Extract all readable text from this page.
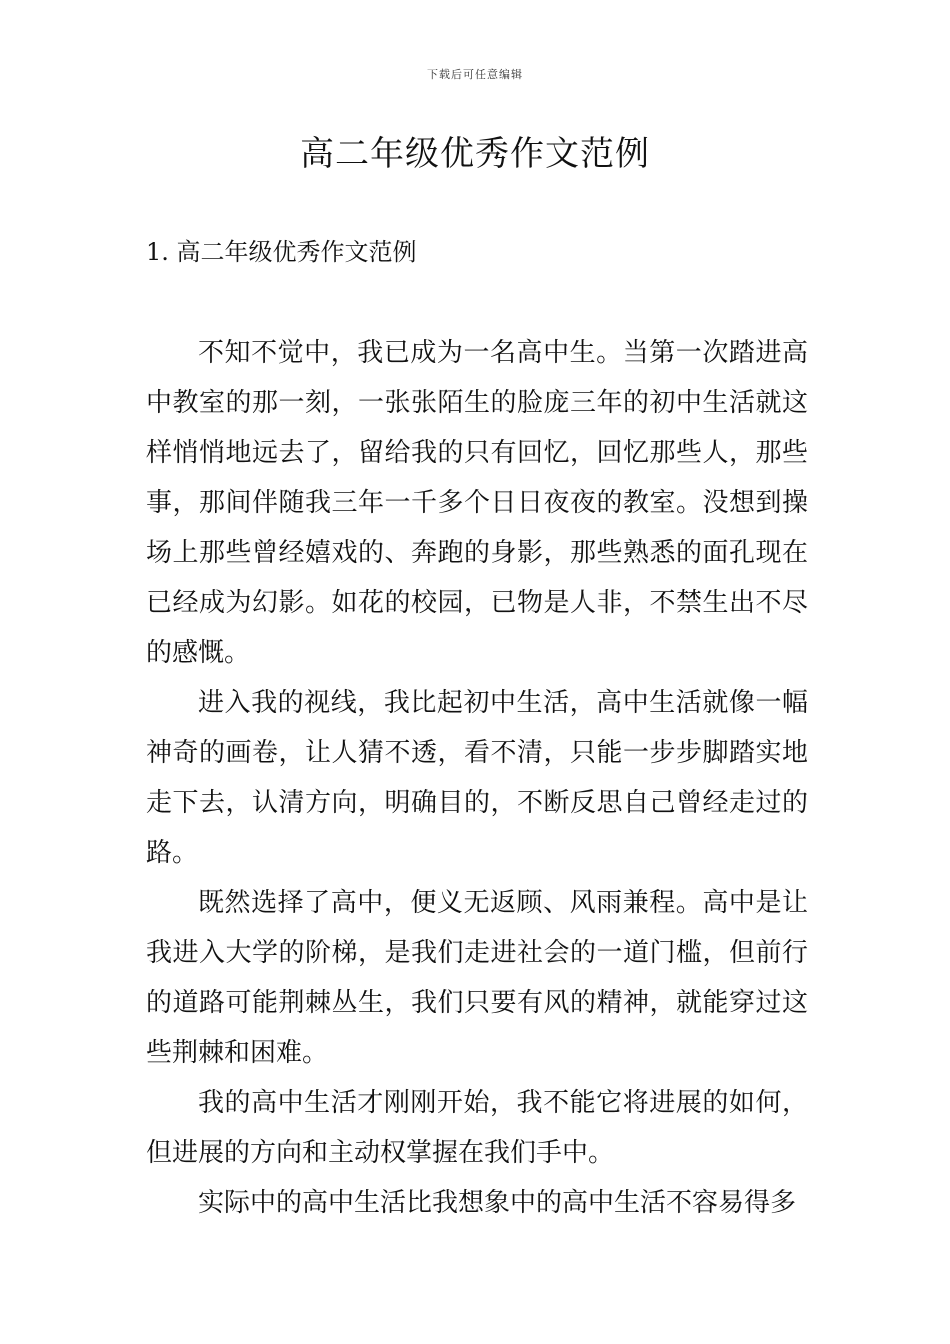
下载后可任意编辑
高二年级优秀作文范例
1. 高二年级优秀作文范例

不知不觉中，我已成为一名高中生。当第一次踏进高中教室的那一刻，一张张陌生的脸庞三年的初中生活就这样悄悄地远去了，留给我的只有回忆，回忆那些人，那些事，那间伴随我三年一千多个日日夜夜的教室。没想到操场上那些曾经嬉戏的、奔跑的身影，那些熟悉的面孔现在已经成为幻影。如花的校园，已物是人非，不禁生出不尽的感慨。

进入我的视线，我比起初中生活，高中生活就像一幅神奇的画卷，让人猜不透，看不清，只能一步步脚踏实地走下去，认清方向，明确目的，不断反思自己曾经走过的路。

既然选择了高中，便义无返顾、风雨兼程。高中是让我进入大学的阶梯，是我们走进社会的一道门槛，但前行的道路可能荆棘丛生，我们只要有风的精神，就能穿过这些荆棘和困难。

我的高中生活才刚刚开始，我不能它将进展的如何，但进展的方向和主动权掌握在我们手中。

实际中的高中生活比我想象中的高中生活不容易得多
